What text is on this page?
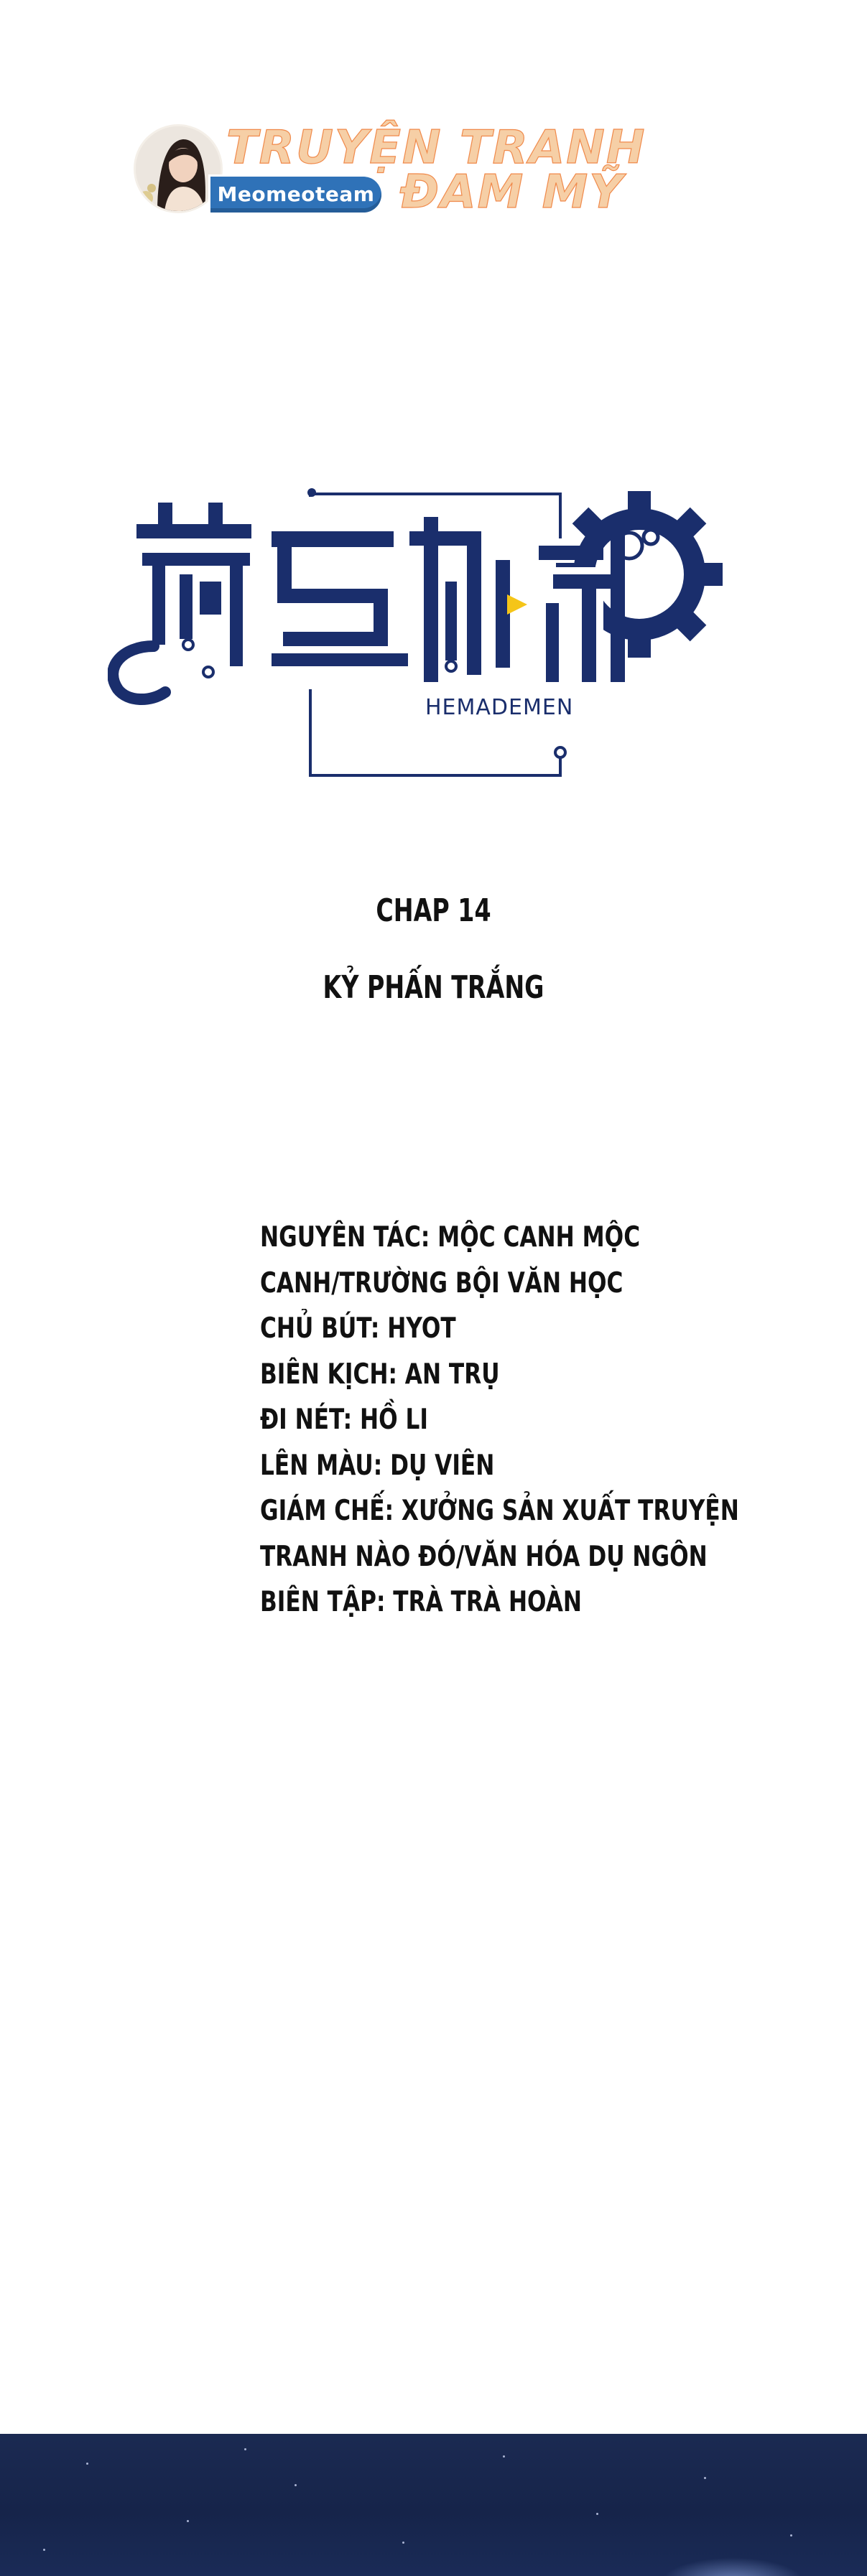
TRUYỆN TRANH
Meomeoteam ĐAM MỸ
HEMADEMEN
CHAP 14
KỶ PHẤN TRẮNG
NGUYÊN TÁC: MỘC CANH MỘC
CANH/TRƯỜNG BỘI VĂN HỌC
CHỦ BÚT: HYOT
BIÊN KỊCH: AN TRỤ
ĐI NÉT: HỒ LI
LÊN MÀU: DỤ VIÊN
GIÁM CHẾ: XƯỞNG SẢN XUẤT TRUYỆN
TRANH NÀO ĐÓ/VĂN HÓA DỤ NGÔN
BIÊN TẬP: TRÀ TRÀ HOÀN
